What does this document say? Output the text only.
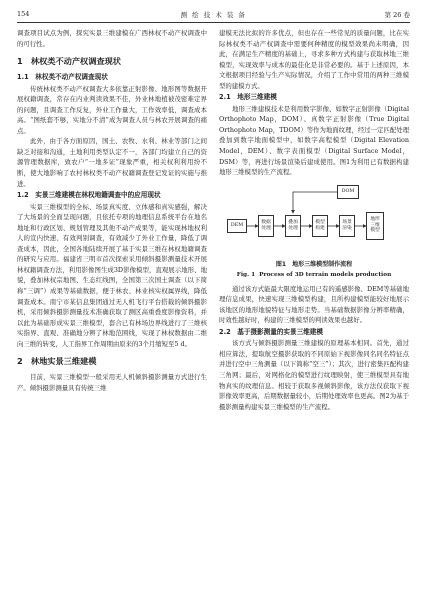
154	测 绘 技 术 装 备	第 26 卷

调查项目试点为例，探究实景三维建模在广西林权不动产权调查中的可行性。

1　林权类不动产权调查现状
1.1　林权类不动产权调查现状

传统林权类不动产权调查大多依靠正射影像、地形图等数据开展权籍调查，常存在内业判读效果不佳，外业林地植被茂密难定界的问题，且调查工作反复，外业工作量大，工作效率低，调查成本高。“图纸套不够，实地分不清”成为调查人员与林农开展调查的痛点。

此外，由于各方面原因，国土、农牧、水利、林业等部门之间缺乏对接和沟通，土地利用类型认定不一，各部门均建立自己的资源管理数据库，致农户“一地多证”现象严重，相关权利利用纷不断，使大地影响了农村林权类不动产权籍调查登记发证的实施与推进。

1.2　实景三维建模在林权地籍调查中的应用现状

实景三维模型的全标、场景真实度、立体感和真实感强，解决了大场景的全面呈现问题，且依托专项的地理信息系统平台在地名地址和行政区划、规划管理及其他不动产成果等，能实现林地权利人的宣内快速、有效判别调查，有效减少了外业工作量，降低了调查成本，因此，全国各地陆续开展了基于实景三维在林权地籍调查的研究与应用。福建省三明市首次探索采用倾斜摄影测量技术开展林权籍调查方法，利用影像图生成3D影像模型，直观展示地形、地貌，叠加林权宗地图、生态红线图，全国第三次国土调查（以下简称“三调”）成果等基础数据，便于林农、林业核实权属界线，降低调查成本。南宁市某信息集团通过无人机飞行平台搭载的倾斜摄影机，采用倾斜摄影测量技术准确获取了测区高重叠度影像资料，并以此为基础形成实景三维模型，套合已有林场边界线进行了三维核实指界、直观、准确地分辨了林地范围线，实现了林权数据由二维向三维的转变，人工指界工作周期由原来的3个月缩短至5 d。

2　林地实景三维建模

目前，实景三维模型一般采用无人机倾斜摄影测量方式进行生产。倾斜摄影测量具有传统三维

建模无法比拟的许多优点，但也存在一些常见的质量问题，比在实际林权类不动产权调查中需要何种精度的模型效果尚未明确，因此，在满足生产精度的基础上，寻求多种方式构建与获取林地三维模型，实现效率与成本的最佳化是非常必要的。基于上述原因，本文根据项目经验与生产实际情况，介绍了工作中常用的两种三维模型的建模方式。

2.1　地形三维建模

地形三维建模技术是利用数字影像、如数字正射影像（Digital Orthophoto Map，DOM）、真数字正射影像（True Digital Orthophoto Map，TDOM）等作为地面纹理，经过一定匹配处理叠加到数字地面模型中，如数字高程模型（Digital Elevation Model，DEM）、数字表面模型（Digital Surface Model，DSM）等，再进行场景渲染后建成使用。图1为利用已有数据构建地形三维模型的生产流程。

DEM
数据
处理
叠加
处理
模型
构建
场景
渲染
地形
三维
模型
DOM
图1　地形三维模型制作流程
Fig. 1 Process of 3D terrain models production

通过该方式能最大限度地运用已有的遥感影像、DEM等基础地理信息成果，快速实现三维模型构建，且所构建模型能较好地展示该地区的地形地貌特征与地形走势。当基础数据影像分辨率精确，时效性越好时，构建的三维模型的判读效果也越好。

2.2　基于摄影测量的实景三维建模

该方式与倾斜摄影测量三维建模的原理基本相同。首先，通过相应算法，提取航空摄影获取的不同原始下视影像同名同名特征点并进行空中三角测量（以下简称“空三”）；其次，进行密集匹配构建三角网；最后，对网格化的模型进行纹理映射，使三维模型具有地物真实的纹理信息。相较于获取多视倾斜影像，该方法仅获取下视影像效率更高，后期数据量较小，后期处理效率也更高。图2为基于摄影测量构建实景三维模型的生产流程。
